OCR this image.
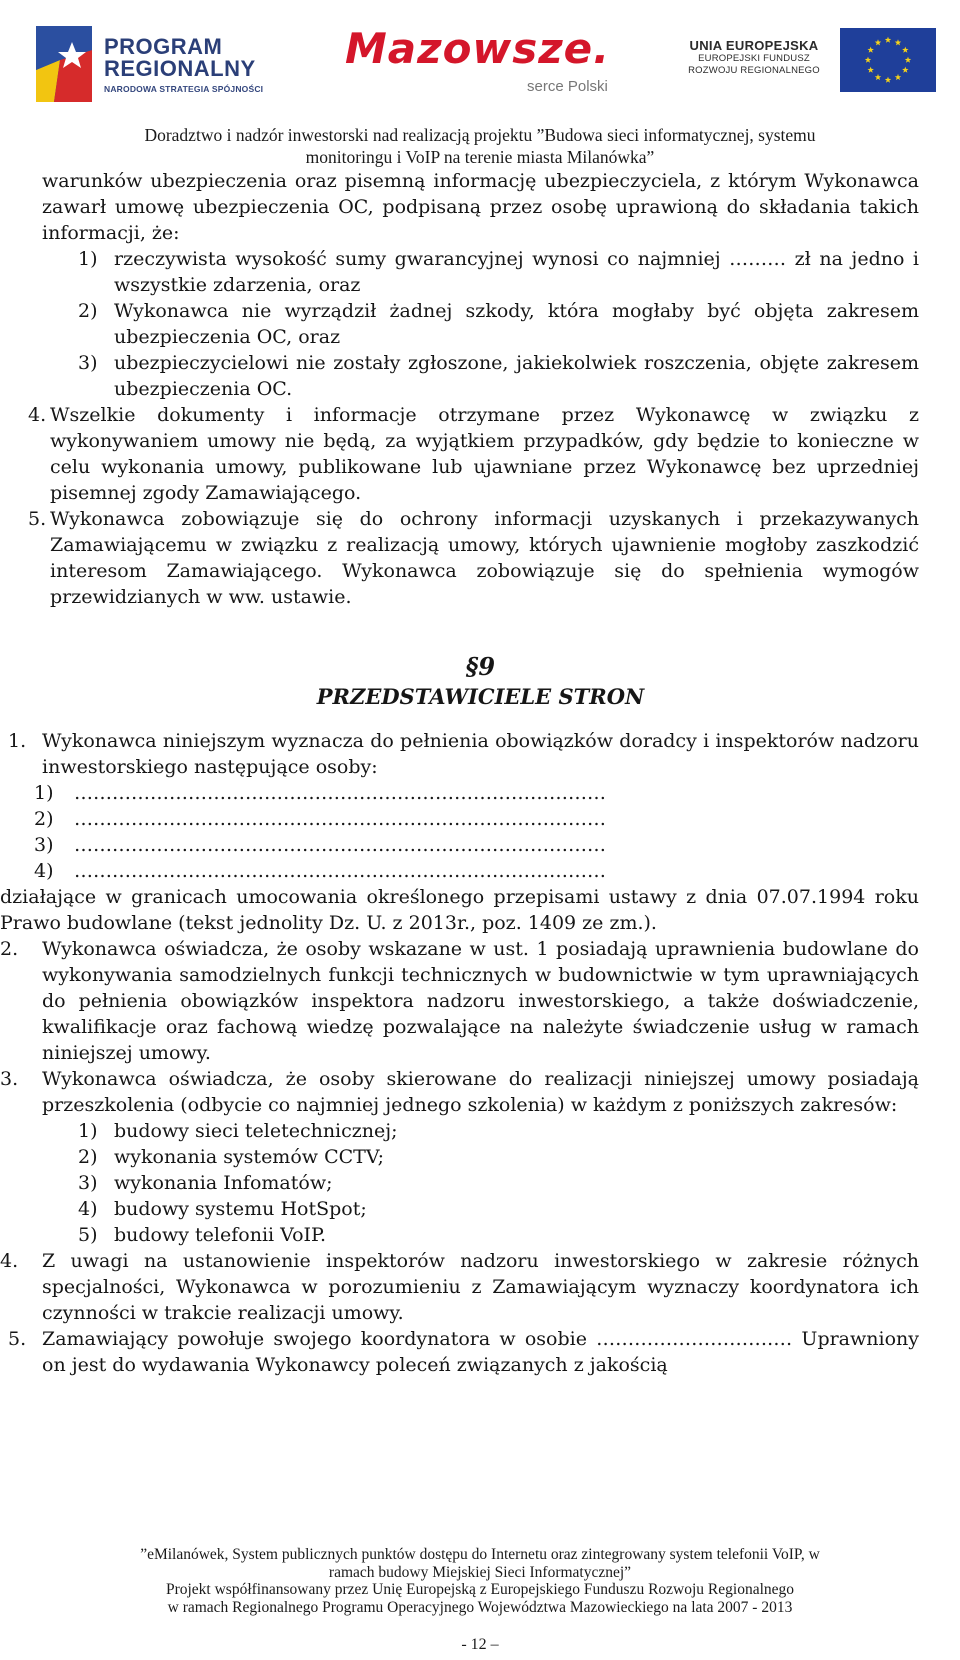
PROGRAM
REGIONALNY
NARODOWA STRATEGIA SPÓJNOŚCI
Mazowsze.
serce Polski
UNIA EUROPEJSKA
EUROPEJSKI FUNDUSZ
ROZWOJU REGIONALNEGO
Doradztwo i nadzór inwestorski nad realizacją projektu ”Budowa sieci informatycznej, systemu
monitoringu i VoIP na terenie miasta Milanówka”

warunków ubezpieczenia oraz pisemną informację ubezpieczyciela, z którym Wykonawca zawarł umowę ubezpieczenia OC, podpisaną przez osobę uprawioną do składania takich informacji, że:

1) rzeczywista wysokość sumy gwarancyjnej wynosi co najmniej ……… zł na jedno i wszystkie zdarzenia, oraz
2) Wykonawca nie wyrządził żadnej szkody, która mogłaby być objęta zakresem ubezpieczenia OC, oraz
3) ubezpieczycielowi nie zostały zgłoszone, jakiekolwiek roszczenia, objęte zakresem ubezpieczenia OC.
4. Wszelkie dokumenty i informacje otrzymane przez Wykonawcę w związku z wykonywaniem umowy nie będą, za wyjątkiem przypadków, gdy będzie to konieczne w celu wykonania umowy, publikowane lub ujawniane przez Wykonawcę bez uprzedniej pisemnej zgody Zamawiającego.
5. Wykonawca zobowiązuje się do ochrony informacji uzyskanych i przekazywanych Zamawiającemu w związku z realizacją umowy, których ujawnienie mogłoby zaszkodzić interesom Zamawiającego. Wykonawca zobowiązuje się do spełnienia wymogów przewidzianych w ww. ustawie.

§9

PRZEDSTAWICIELE STRON

1. Wykonawca niniejszym wyznacza do pełnienia obowiązków doradcy i inspektorów nadzoru inwestorskiego następujące osoby:
1)	…………………………………………………………………………
2)	…………………………………………………………………………
3)	…………………………………………………………………………
4)	…………………………………………………………………………

działające w granicach umocowania określonego przepisami ustawy z dnia 07.07.1994 roku Prawo budowlane (tekst jednolity Dz. U. z 2013r., poz. 1409 ze zm.).

2.	Wykonawca oświadcza, że osoby wskazane w ust. 1 posiadają uprawnienia budowlane do wykonywania samodzielnych funkcji technicznych w budownictwie w tym uprawniających do pełnienia obowiązków inspektora nadzoru inwestorskiego, a także doświadczenie, kwalifikacje oraz fachową wiedzę pozwalające na należyte świadczenie usług w ramach niniejszej umowy.
3.	Wykonawca oświadcza, że osoby skierowane do realizacji niniejszej umowy posiadają przeszkolenia (odbycie co najmniej jednego szkolenia) w każdym z poniższych zakresów:
1) budowy sieci teletechnicznej;
2) wykonania systemów CCTV;
3) wykonania Infomatów;
4) budowy systemu HotSpot;
5) budowy telefonii VoIP.
4.	Z uwagi na ustanowienie inspektorów nadzoru inwestorskiego w zakresie różnych specjalności, Wykonawca w porozumieniu z Zamawiającym wyznaczy koordynatora ich czynności w trakcie realizacji umowy.
5. Zamawiający powołuje swojego koordynatora w osobie ……………………….… Uprawniony on jest do wydawania Wykonawcy poleceń związanych z jakością
”eMilanówek, System publicznych punktów dostępu do Internetu oraz zintegrowany system telefonii VoIP, w
ramach budowy Miejskiej Sieci Informatycznej”
Projekt współfinansowany przez Unię Europejską z Europejskiego Funduszu Rozwoju Regionalnego
w ramach Regionalnego Programu Operacyjnego Województwa Mazowieckiego na lata 2007 - 2013
- 12 –
